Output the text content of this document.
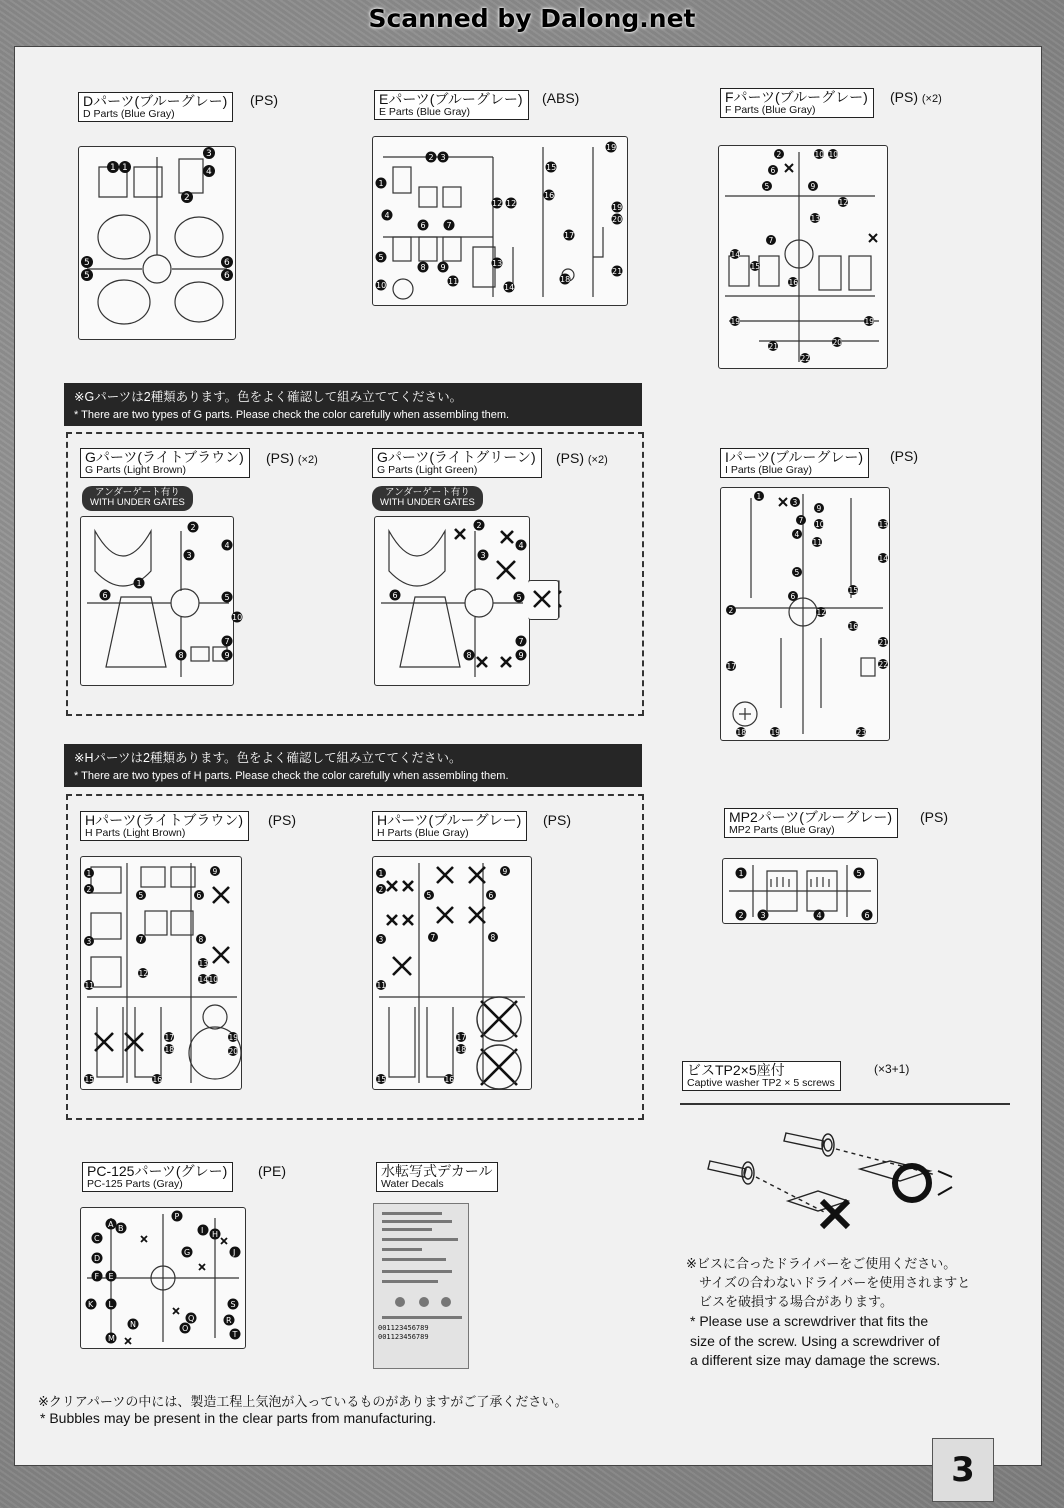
Scanned by Dalong.net
Dパーツ(ブルーグレー)
D Parts (Blue Gray)
(PS)
1 1
3
4
2
5
5
6
6
Eパーツ(ブルーグレー)
E Parts (Blue Gray)
(ABS)
2 3
1
4
6	7
5
8 9
10	11
12 12
13
14
15
16
17
18
19
19
20
21
Fパーツ(ブルーグレー)
F Parts (Blue Gray)
(PS) (×2)
2
6
5
7
14
15
16
10 10
9
13
12
20
21
22
19	19
※Gパーツは2種類あります。色をよく確認して組み立ててください。
* There are two types of G parts. Please check the color carefully when assembling them.
Gパーツ(ライトブラウン)
G Parts (Light Brown)
(PS) (×2)
アンダーゲート有り
WITH UNDER GATES
2
3
4
1
6	5
10
7
8	9
Gパーツ(ライトグリーン)
G Parts (Light Green)
(PS) (×2)
アンダーゲート有り
WITH UNDER GATES
2
3
4
6	5
7
8	9
Iパーツ(ブルーグレー)
I Parts (Blue Gray)
(PS)
1
3
9
7 10
4
11
5
6
12
2
13
14
15
16
17
18	19
21
22
23
※Hパーツは2種類あります。色をよく確認して組み立ててください。
* There are two types of H parts. Please check the color carefully when assembling them.
Hパーツ(ライトブラウン)
H Parts (Light Brown)
(PS)
1
2
3
5	6
7	8
9
11
12
13
14 10
15	16
17
18
19
20
Hパーツ(ブルーグレー)
H Parts (Blue Gray)
(PS)
1
2
3
5	6
7	8
9
11
15	16
17
18
MP2パーツ(ブルーグレー)
MP2 Parts (Blue Gray)
(PS)
1
2 3	4
5
6
ビスTP2×5座付
Captive washer TP2 × 5 screws
(×3+1)
※ビスに合ったドライバーをご使用ください。
　サイズの合わないドライバーを使用されますと
　ビスを破損する場合があります。
* Please use a screwdriver that fits the
size of the screw. Using a screwdriver of
a different size may damage the screws.
PC-125パーツ(グレー)
PC-125 Parts (Gray)
(PE)
A B
C
D
E
F
G
H
I
J
K L
M
N	O
P
Q	R
S
T
水転写式デカール
Water Decals
001123456789
001123456789
※クリアパーツの中には、製造工程上気泡が入っているものがありますがご了承ください。
* Bubbles may be present in the clear parts from manufacturing.
3
